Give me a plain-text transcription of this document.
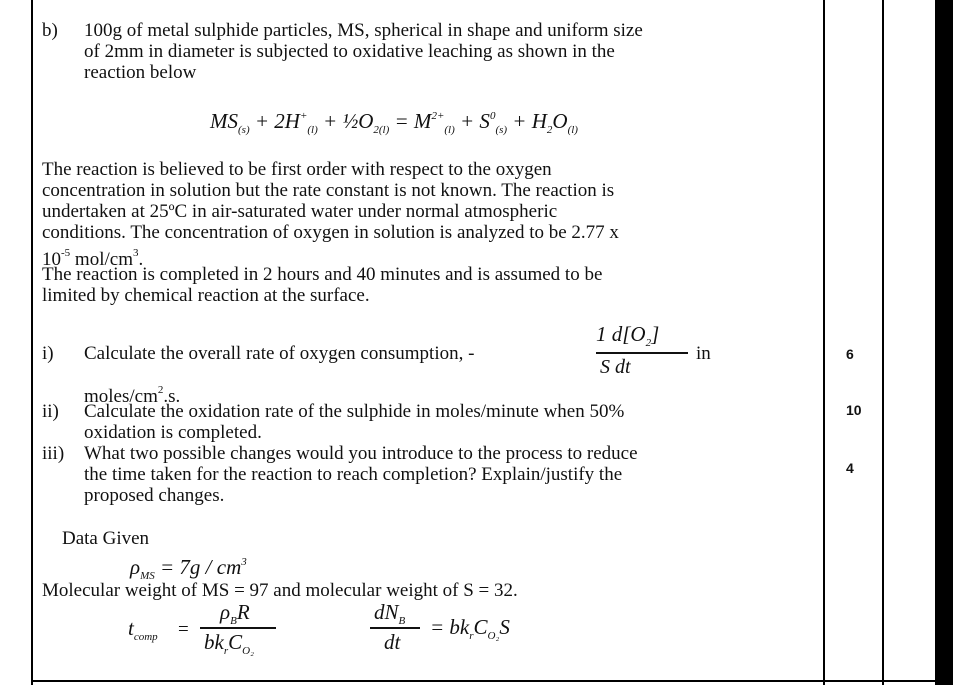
b) 100g of metal sulphide particles, MS, spherical in shape and uniform size
of 2mm in diameter is subjected to oxidative leaching as shown in the
reaction below
$MS_{(s)} + 2H^+_{(l)}$ + $\frac{1}{2}O_{2(l)} = M^{2+}_{(l)} + S^0_{(s)} + H_2O_{(l)}$
The reaction is believed to be first order with respect to the oxygen
concentration in solution but the rate constant is not known. The reaction is
undertaken at 25ºC in air-saturated water under normal atmospheric
conditions. The concentration of oxygen in solution is analyzed to be 2.77 x
$10^{-5}$ mol/$cm^3$.
The reaction is completed in 2 hours and 40 minutes and is assumed to be
limited by chemical reaction at the surface.
i) Calculate the overall rate of oxygen consumption, -
1 $d[O_2]$
S dt
in
moles/$cm^2.s$.
6
ii) Calculate the oxidation rate of the sulphide in moles/minute when 50%
oxidation is completed.
10
iii) What two possible changes would you introduce to the process to reduce
the time taken for the reaction to reach completion? Explain/justify the
proposed changes.
4
Data Given
$\rho_{MS} = 7g / cm^3$
Molecular weight of MS = 97 and molecular weight of S = 32.
$t_{comp}$ =
$\rho_BR$
$bk_rC_{O_2}$
$dN_B$
dt
= $bk_rC_{O_2}S$
